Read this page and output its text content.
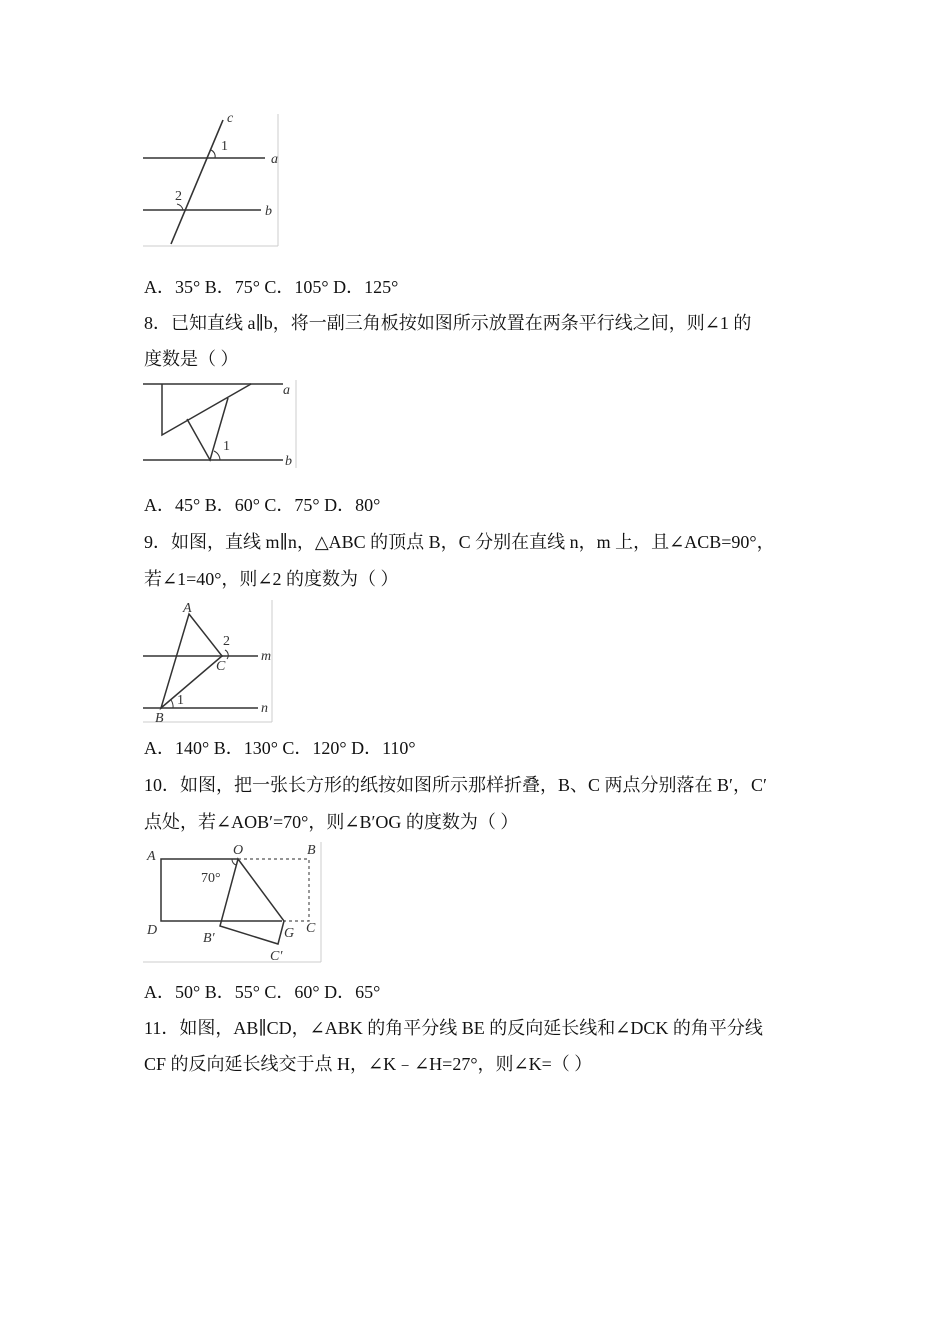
c
a
b
1
2
A．35° B．75° C．105° D．125°
8．已知直线 a∥b，将一副三角板按如图所示放置在两条平行线之间，则∠1 的
度数是（ ）
a
b
1
A．45° B．60° C．75° D．80°
9．如图，直线 m∥n，△ABC 的顶点 B，C 分别在直线 n，m 上，且∠ACB=90°，
若∠1=40°，则∠2 的度数为（ ）
A
B
C
m
n
1
2
A．140° B．130° C．120° D．110°
10．如图，把一张长方形的纸按如图所示那样折叠，B、C 两点分别落在 B′，C′
点处，若∠AOB′=70°，则∠B′OG 的度数为（ ）
A	O	B
D
B′	G C
C′
70°
A．50° B．55° C．60° D．65°
11．如图，AB∥CD，∠ABK 的角平分线 BE 的反向延长线和∠DCK 的角平分线
CF 的反向延长线交于点 H，∠K﹣∠H=27°，则∠K=（ ）
